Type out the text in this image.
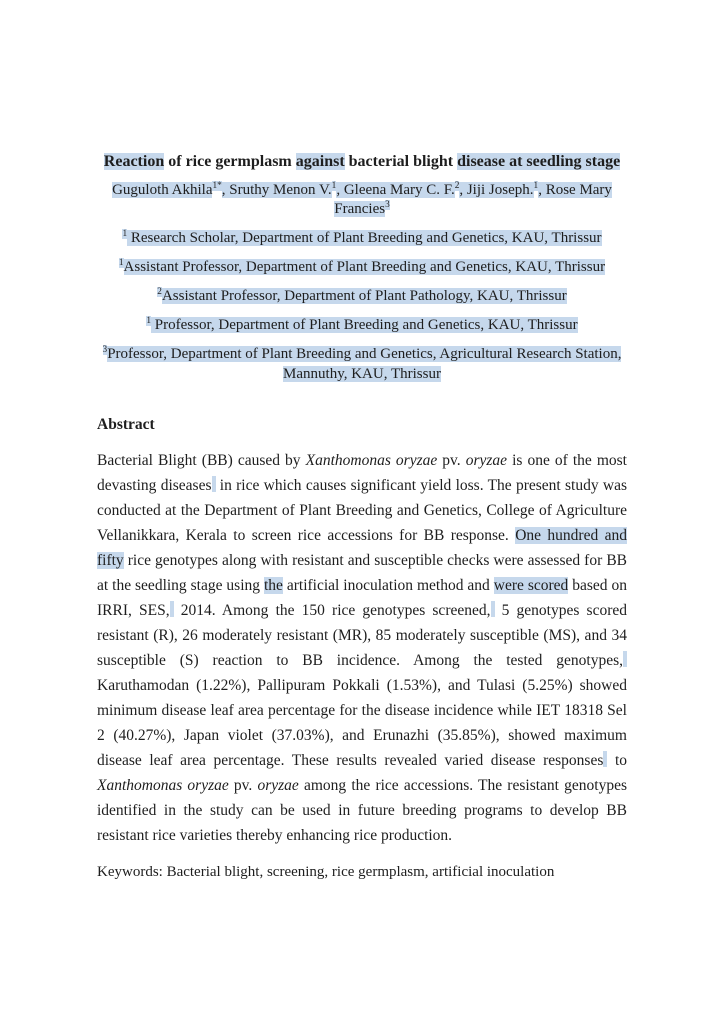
Reaction of rice germplasm against bacterial blight disease at seedling stage

Guguloth Akhila$^{1*}$, Sruthy Menon V.$^1$, Gleena Mary C. F.$^2$, Jiji Joseph.$^1$, Rose Mary Francies$^3$

$^1$ Research Scholar, Department of Plant Breeding and Genetics, KAU, Thrissur

$^1$Assistant Professor, Department of Plant Breeding and Genetics, KAU, Thrissur

$^2$Assistant Professor, Department of Plant Pathology, KAU, Thrissur

$^1$ Professor, Department of Plant Breeding and Genetics, KAU, Thrissur

$^3$Professor, Department of Plant Breeding and Genetics, Agricultural Research Station, Mannuthy, KAU, Thrissur

Abstract

Bacterial Blight (BB) caused by Xanthomonas oryzae pv. oryzae is one of the most devasting diseases in rice which causes significant yield loss. The present study was conducted at the Department of Plant Breeding and Genetics, College of Agriculture Vellanikkara, Kerala to screen rice accessions for BB response. One hundred and fifty rice genotypes along with resistant and susceptible checks were assessed for BB at the seedling stage using the artificial inoculation method and were scored based on IRRI, SES, 2014. Among the 150 rice genotypes screened, 5 genotypes scored resistant (R), 26 moderately resistant (MR), 85 moderately susceptible (MS), and 34 susceptible (S) reaction to BB incidence. Among the tested genotypes, Karuthamodan (1.22%), Pallipuram Pokkali (1.53%), and Tulasi (5.25%) showed minimum disease leaf area percentage for the disease incidence while IET 18318 Sel 2 (40.27%), Japan violet (37.03%), and Erunazhi (35.85%), showed maximum disease leaf area percentage. These results revealed varied disease responses to Xanthomonas oryzae pv. oryzae among the rice accessions. The resistant genotypes identified in the study can be used in future breeding programs to develop BB resistant rice varieties thereby enhancing rice production.

Keywords: Bacterial blight, screening, rice germplasm, artificial inoculation
